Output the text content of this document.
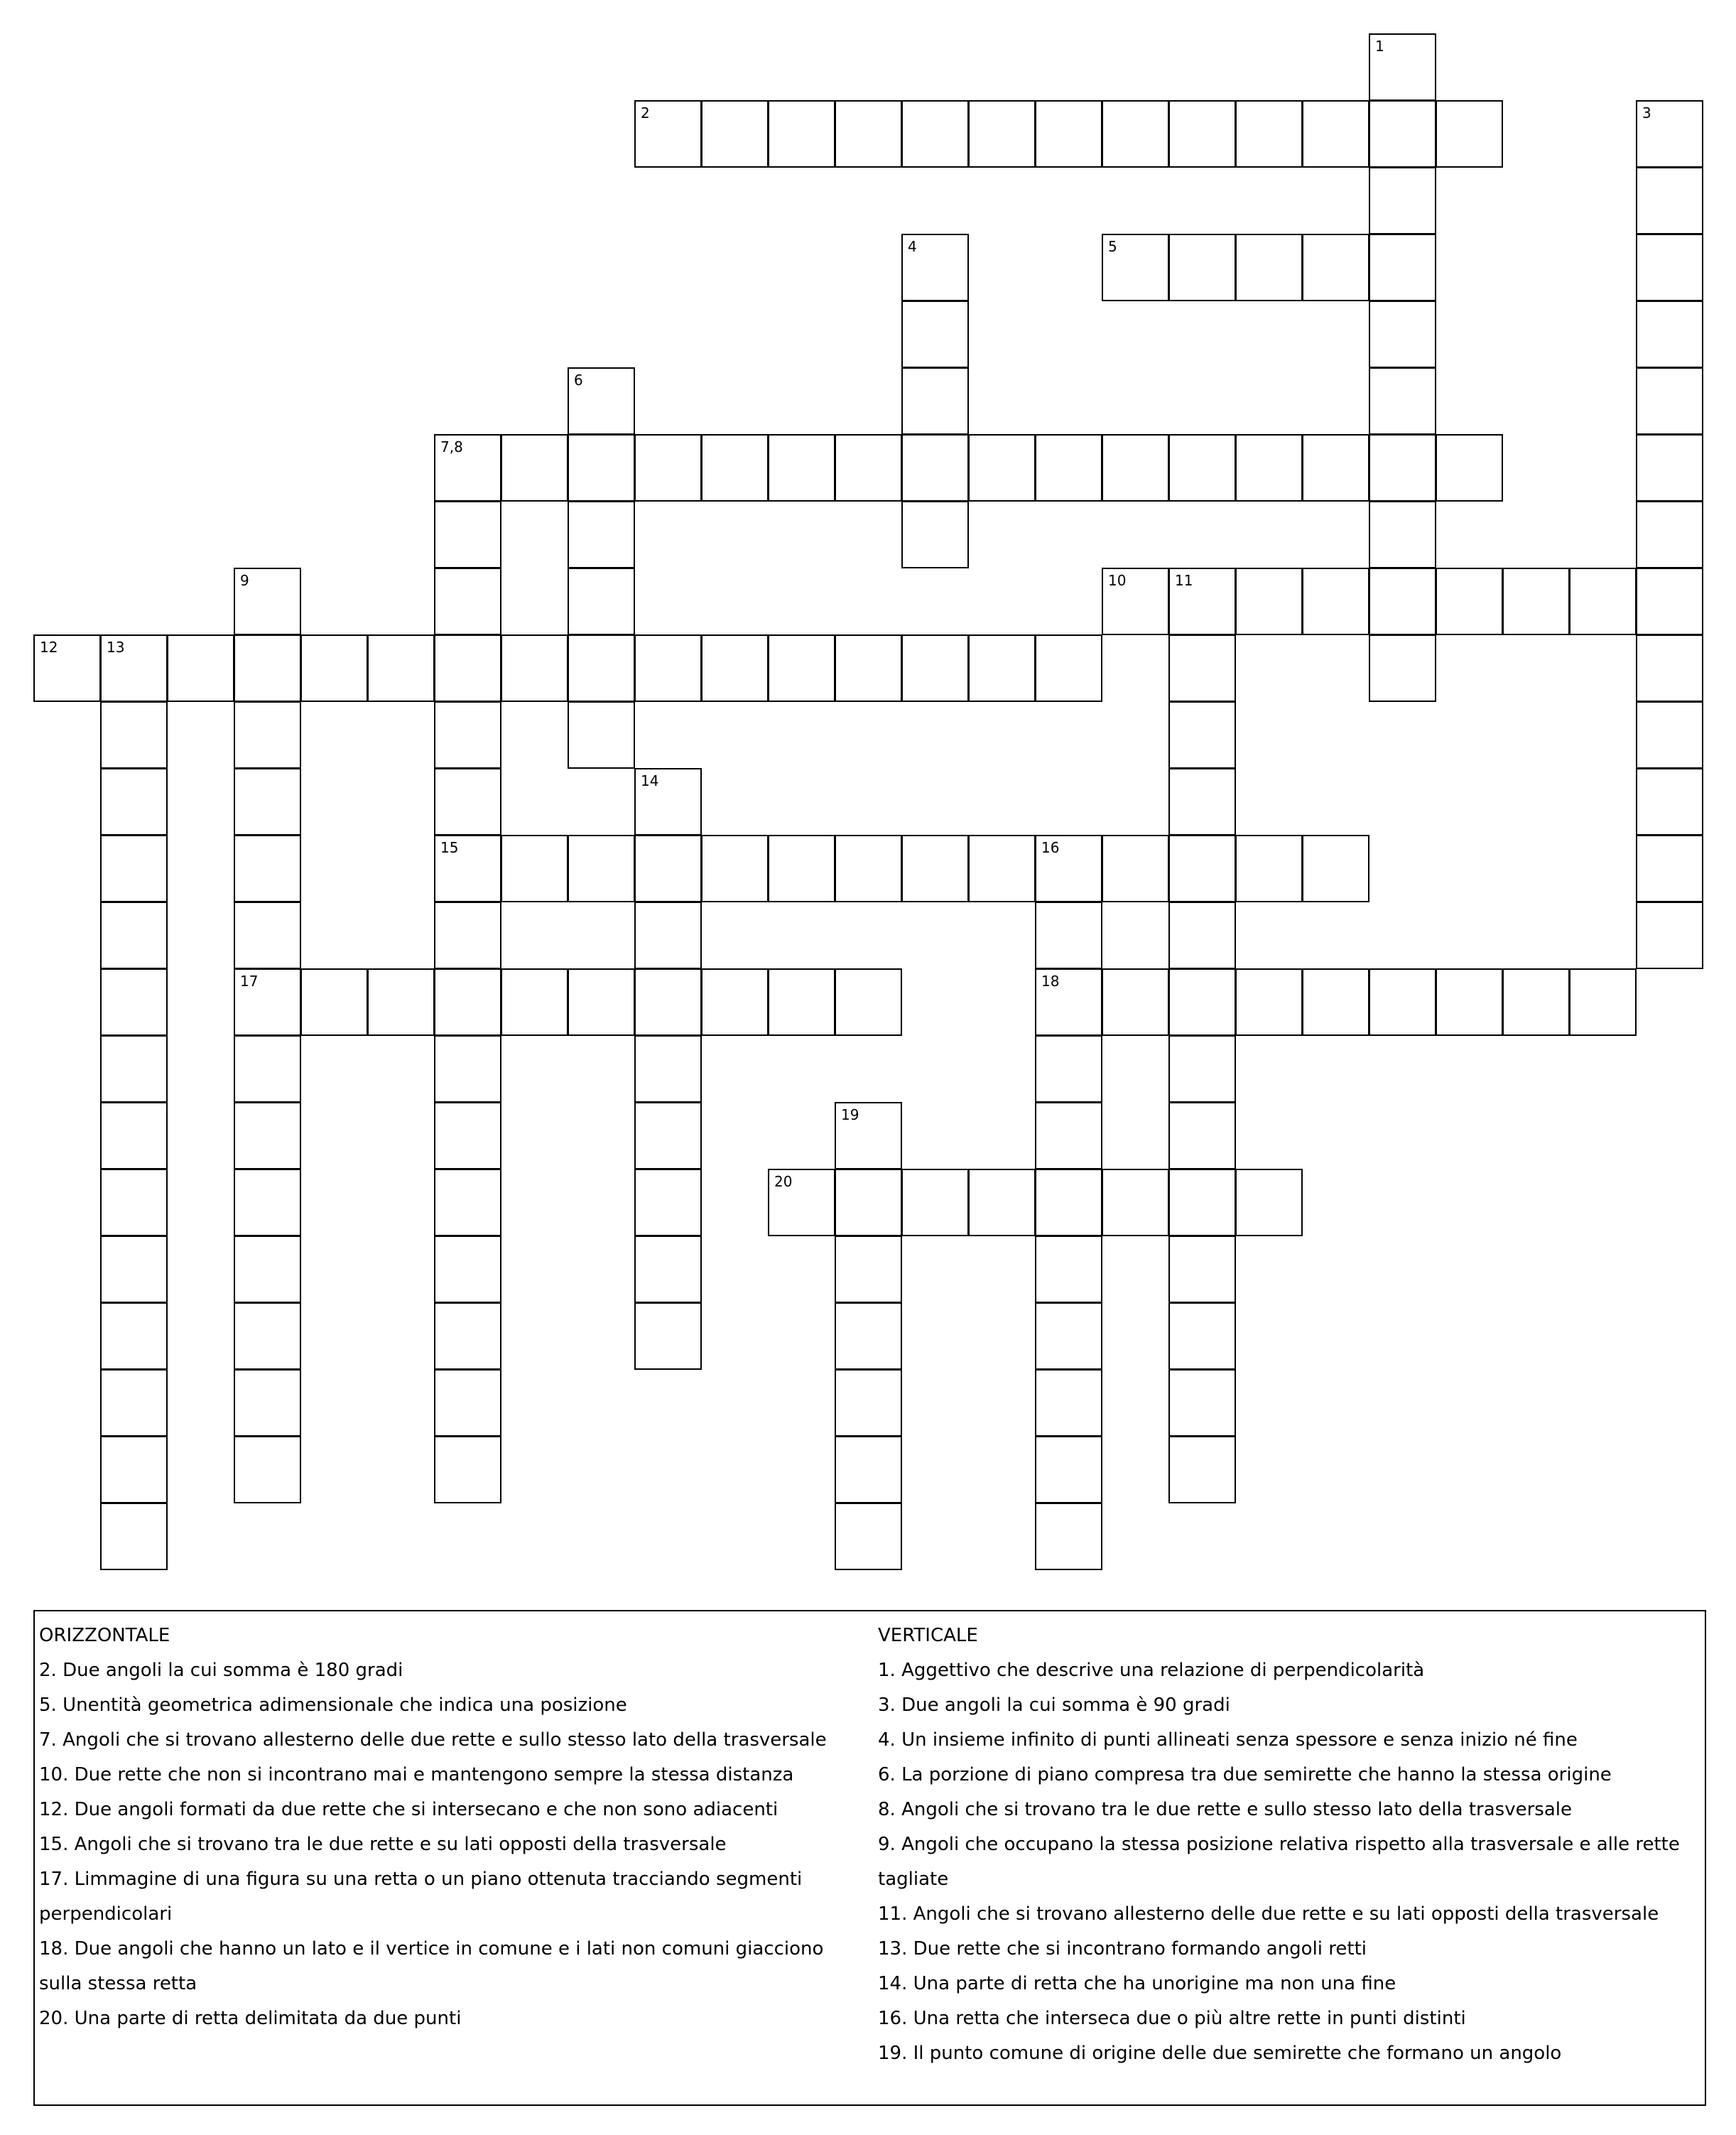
1
2	3
4	5
6
7,8
9	10	11
12	13
14
15	16
17	18
19
20

ORIZZONTALE

2. Due angoli la cui somma è 180 gradi

5. Unentità geometrica adimensionale che indica una posizione

7. Angoli che si trovano allesterno delle due rette e sullo stesso lato della trasversale

10. Due rette che non si incontrano mai e mantengono sempre la stessa distanza

12. Due angoli formati da due rette che si intersecano e che non sono adiacenti

15. Angoli che si trovano tra le due rette e su lati opposti della trasversale

17. Limmagine di una figura su una retta o un piano ottenuta tracciando segmenti perpendicolari

18. Due angoli che hanno un lato e il vertice in comune e i lati non comuni giacciono sulla stessa retta

20. Una parte di retta delimitata da due punti

VERTICALE

1. Aggettivo che descrive una relazione di perpendicolarità

3. Due angoli la cui somma è 90 gradi

4. Un insieme infinito di punti allineati senza spessore e senza inizio né fine

6. La porzione di piano compresa tra due semirette che hanno la stessa origine

8. Angoli che si trovano tra le due rette e sullo stesso lato della trasversale

9. Angoli che occupano la stessa posizione relativa rispetto alla trasversale e alle rette tagliate

11. Angoli che si trovano allesterno delle due rette e su lati opposti della trasversale

13. Due rette che si incontrano formando angoli retti

14. Una parte di retta che ha unorigine ma non una fine

16. Una retta che interseca due o più altre rette in punti distinti

19. Il punto comune di origine delle due semirette che formano un angolo
